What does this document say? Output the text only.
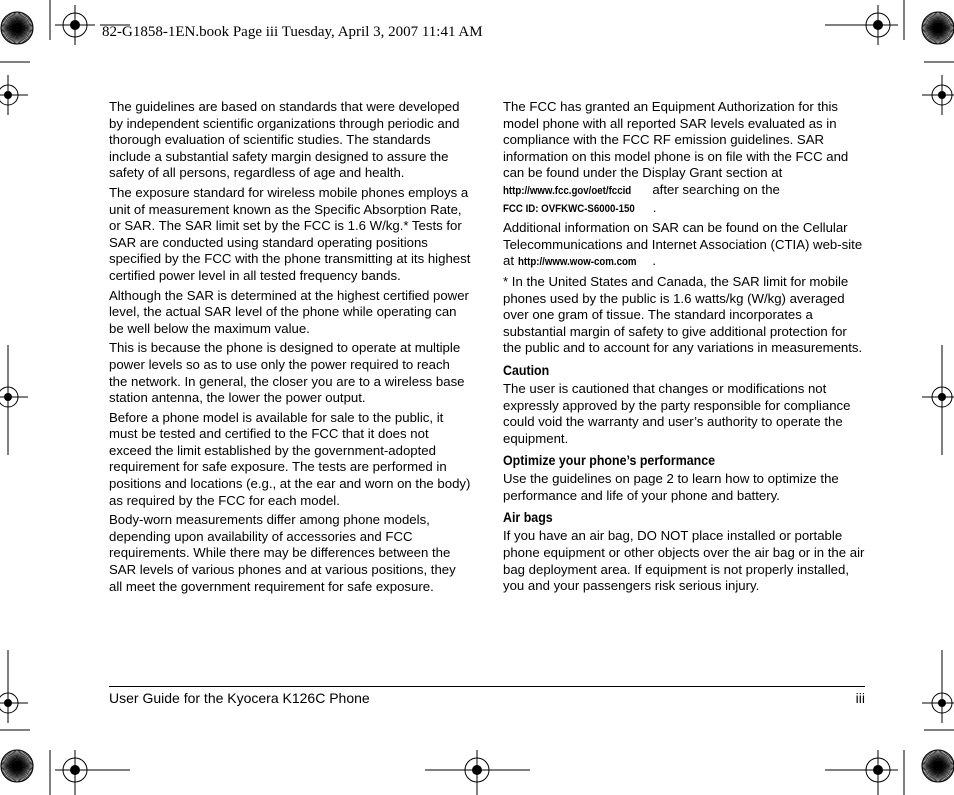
82-G1858-1EN.book Page iii Tuesday, April 3, 2007 11:41 AM

The guidelines are based on standards that were developed by independent scientific organizations through periodic and thorough evaluation of scientific studies. The standards include a substantial safety margin designed to assure the safety of all persons, regardless of age and health.

The exposure standard for wireless mobile phones employs a unit of measurement known as the Specific Absorption Rate, or SAR. The SAR limit set by the FCC is 1.6 W/kg.* Tests for SAR are conducted using standard operating positions specified by the FCC with the phone transmitting at its highest certified power level in all tested frequency bands.

Although the SAR is determined at the highest certified power level, the actual SAR level of the phone while operating can be well below the maximum value.

This is because the phone is designed to operate at multiple power levels so as to use only the power required to reach the network. In general, the closer you are to a wireless base station antenna, the lower the power output.

Before a phone model is available for sale to the public, it must be tested and certified to the FCC that it does not exceed the limit established by the government-adopted requirement for safe exposure. The tests are performed in positions and locations (e.g., at the ear and worn on the body) as required by the FCC for each model.

Body-worn measurements differ among phone models, depending upon availability of accessories and FCC requirements. While there may be differences between the SAR levels of various phones and at various positions, they all meet the government requirement for safe exposure.

The FCC has granted an Equipment Authorization for this model phone with all reported SAR levels evaluated as in compliance with the FCC RF emission guidelines. SAR information on this model phone is on file with the FCC and can be found under the Display Grant section at http://www.fcc.gov/oet/fccid after searching on the
FCC ID: OVFKWC-S6000-150 .

Additional information on SAR can be found on the Cellular Telecommunications and Internet Association (CTIA) web-site at http://www.wow-com.com .

* In the United States and Canada, the SAR limit for mobile phones used by the public is 1.6 watts/kg (W/kg) averaged over one gram of tissue. The standard incorporates a substantial margin of safety to give additional protection for the public and to account for any variations in measurements.

Caution

The user is cautioned that changes or modifications not expressly approved by the party responsible for compliance could void the warranty and user’s authority to operate the equipment.

Optimize your phone’s performance

Use the guidelines on page 2 to learn how to optimize the performance and life of your phone and battery.

Air bags

If you have an air bag, DO NOT place installed or portable phone equipment or other objects over the air bag or in the air bag deployment area. If equipment is not properly installed, you and your passengers risk serious injury.

User Guide for the Kyocera K126C Phone	iii
